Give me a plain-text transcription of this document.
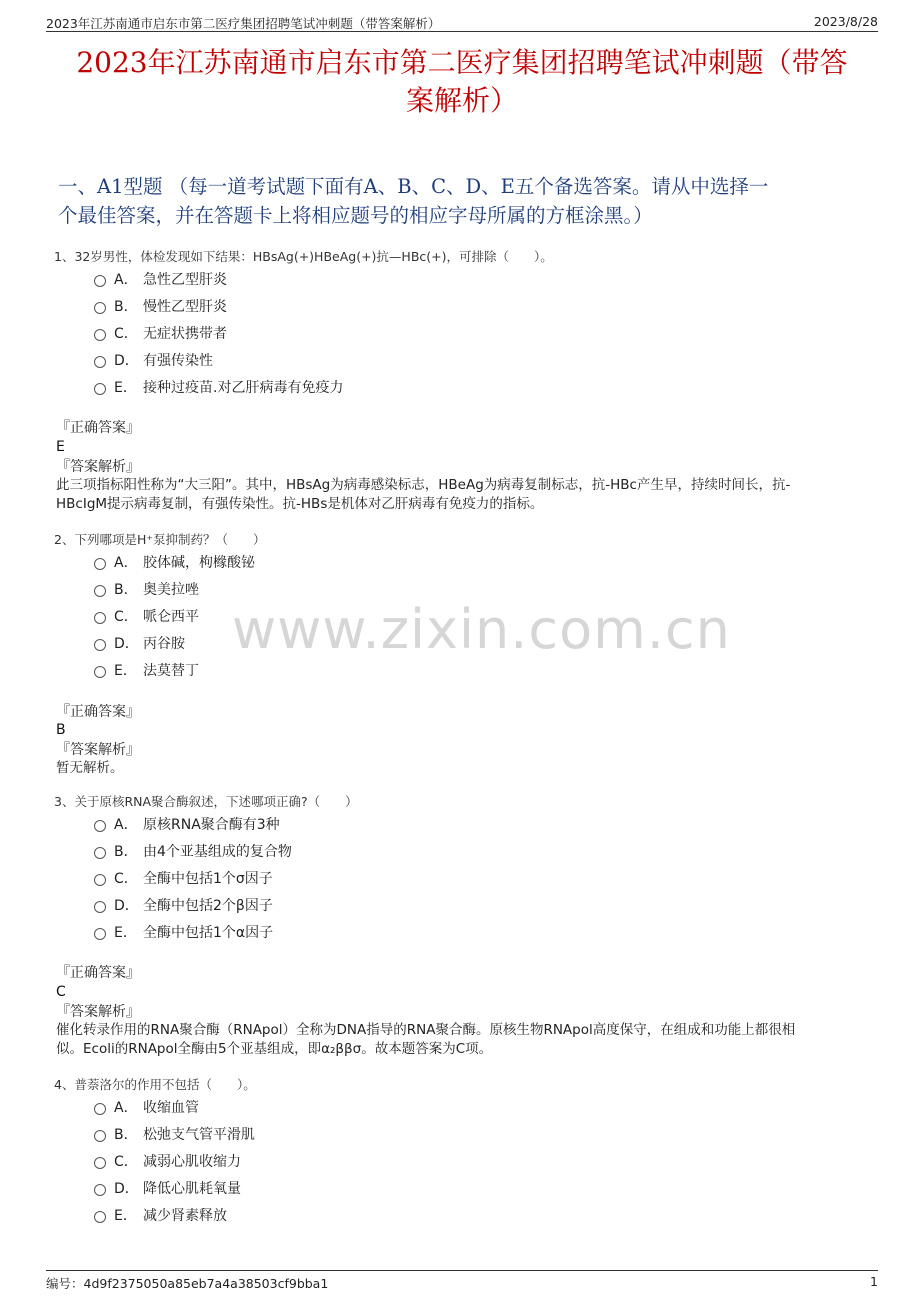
2023年江苏南通市启东市第二医疗集团招聘笔试冲刺题（带答案解析）	2023/8/28
2023年江苏南通市启东市第二医疗集团招聘笔试冲刺题（带答
案解析）
一、A1型题 （每一道考试题下面有A、B、C、D、E五个备选答案。请从中选择一
个最佳答案，并在答题卡上将相应题号的相应字母所属的方框涂黑。）
www.zixin.com.cn
1、32岁男性，体检发现如下结果：HBsAg(+)HBeAg(+)抗—HBc(+)，可排除（　　）。
A． 急性乙型肝炎
B． 慢性乙型肝炎
C． 无症状携带者
D． 有强传染性
E． 接种过疫苗.对乙肝病毒有免疫力
『正确答案』
E
『答案解析』
此三项指标阳性称为“大三阳”。其中，HBsAg为病毒感染标志，HBeAg为病毒复制标志，抗-HBc产生早，持续时间长，抗-
HBcIgM提示病毒复制，有强传染性。抗-HBs是机体对乙肝病毒有免疫力的指标。
2、下列哪项是H⁺泵抑制药？（　　）
A． 胶体碱，枸橼酸铋
B． 奥美拉唑
C． 哌仑西平
D． 丙谷胺
E． 法莫替丁
『正确答案』
B
『答案解析』
暂无解析。
3、关于原核RNA聚合酶叙述，下述哪项正确?（　　）
A． 原核RNA聚合酶有3种
B． 由4个亚基组成的复合物
C． 全酶中包括1个σ因子
D． 全酶中包括2个β因子
E． 全酶中包括1个α因子
『正确答案』
C
『答案解析』
催化转录作用的RNA聚合酶（RNApol）全称为DNA指导的RNA聚合酶。原核生物RNApol高度保守，在组成和功能上都很相
似。Ecoli的RNApol全酶由5个亚基组成，即α₂ββσ。故本题答案为C项。
4、普萘洛尔的作用不包括（　　）。
A． 收缩血管
B． 松弛支气管平滑肌
C． 减弱心肌收缩力
D． 降低心肌耗氧量
E． 减少肾素释放
编号：4d9f2375050a85eb7a4a38503cf9bba1	1
